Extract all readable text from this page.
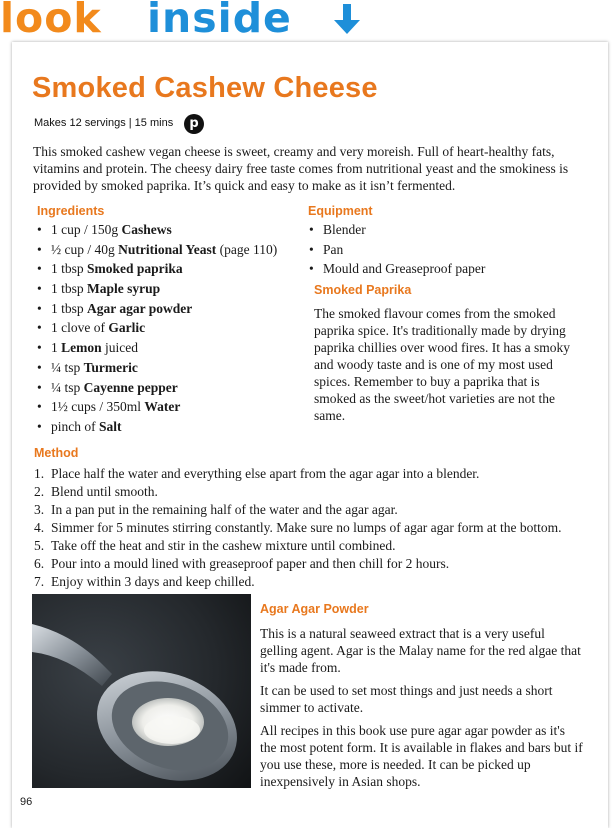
look inside
Smoked Cashew Cheese
Makes 12 servings | 15 mins	p

This smoked cashew vegan cheese is sweet, creamy and very moreish. Full of heart-healthy fats, vitamins and protein. The cheesy dairy free taste comes from nutritional yeast and the smokiness is provided by smoked paprika. It’s quick and easy to make as it isn’t fermented.

Ingredients
• 1 cup / 150g Cashews
• ½ cup / 40g Nutritional Yeast (page 110)
• 1 tbsp Smoked paprika
• 1 tbsp Maple syrup
• 1 tbsp Agar agar powder
• 1 clove of Garlic
• 1 Lemon juiced
• ¼ tsp Turmeric
• ¼ tsp Cayenne pepper
• 1½ cups / 350ml Water
• pinch of Salt
Equipment
• Blender
• Pan
• Mould and Greaseproof paper
Smoked Paprika

The smoked flavour comes from the smoked paprika spice. It's traditionally made by drying paprika chillies over wood fires. It has a smoky and woody taste and is one of my most used spices. Remember to buy a paprika that is smoked as the sweet/hot varieties are not the same.

Method
1. Place half the water and everything else apart from the agar agar into a blender.
2. Blend until smooth.
3. In a pan put in the remaining half of the water and the agar agar.
4. Simmer for 5 minutes stirring constantly. Make sure no lumps of agar agar form at the bottom.
5. Take off the heat and stir in the cashew mixture until combined.
6. Pour into a mould lined with greaseproof paper and then chill for 2 hours.
7. Enjoy within 3 days and keep chilled.
Agar Agar Powder

This is a natural seaweed extract that is a very useful gelling agent. Agar is the Malay name for the red algae that it's made from.

It can be used to set most things and just needs a short simmer to activate.

All recipes in this book use pure agar agar powder as it's the most potent form. It is available in flakes and bars but if you use these, more is needed. It can be picked up inexpensively in Asian shops.

96
